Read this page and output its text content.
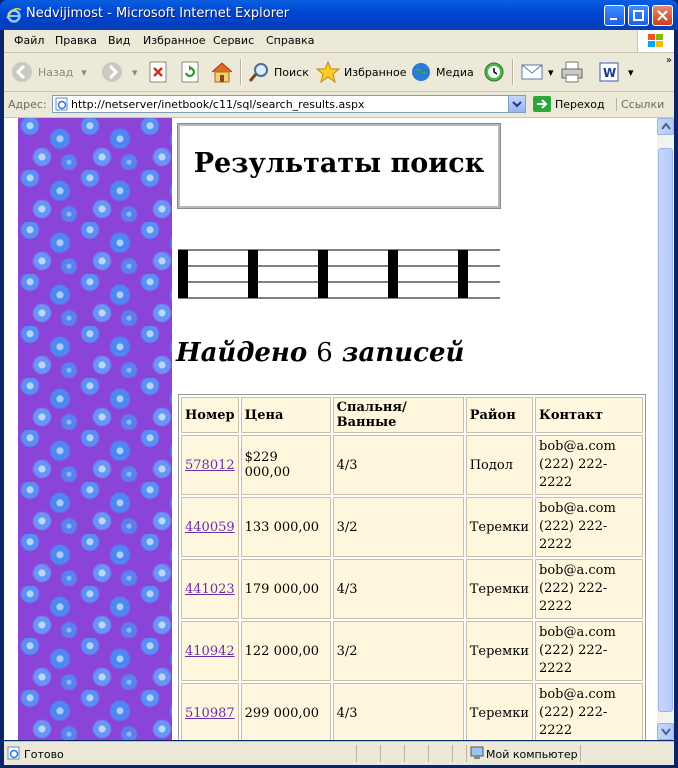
Nedvijimost - Microsoft Internet Explorer
Файл Правка Вид Избранное Сервис Справка
Назад ▾	▾	Поиск	Избранное	Медиа	▾	W ▾
»
Адрес: http://netserver/inetbook/c11/sql/search_results.aspx	Переход	Ссылки
Результаты поиск
Найдено 6 записей
Номер	Цена	Спальня/Ванные	Район	Контакт
578012	$229 000,00	4/3	Подол	bob@a.com
(222) 222-2222

440059	133 000,00	3/2	Теремки	bob@a.com
(222) 222-2222

441023	179 000,00	4/3	Теремки	bob@a.com
(222) 222-2222

410942	122 000,00	3/2	Теремки	bob@a.com
(222) 222-2222

510987	299 000,00	4/3	Теремки	bob@a.com
(222) 222-2222

Готово	Мой компьютер
